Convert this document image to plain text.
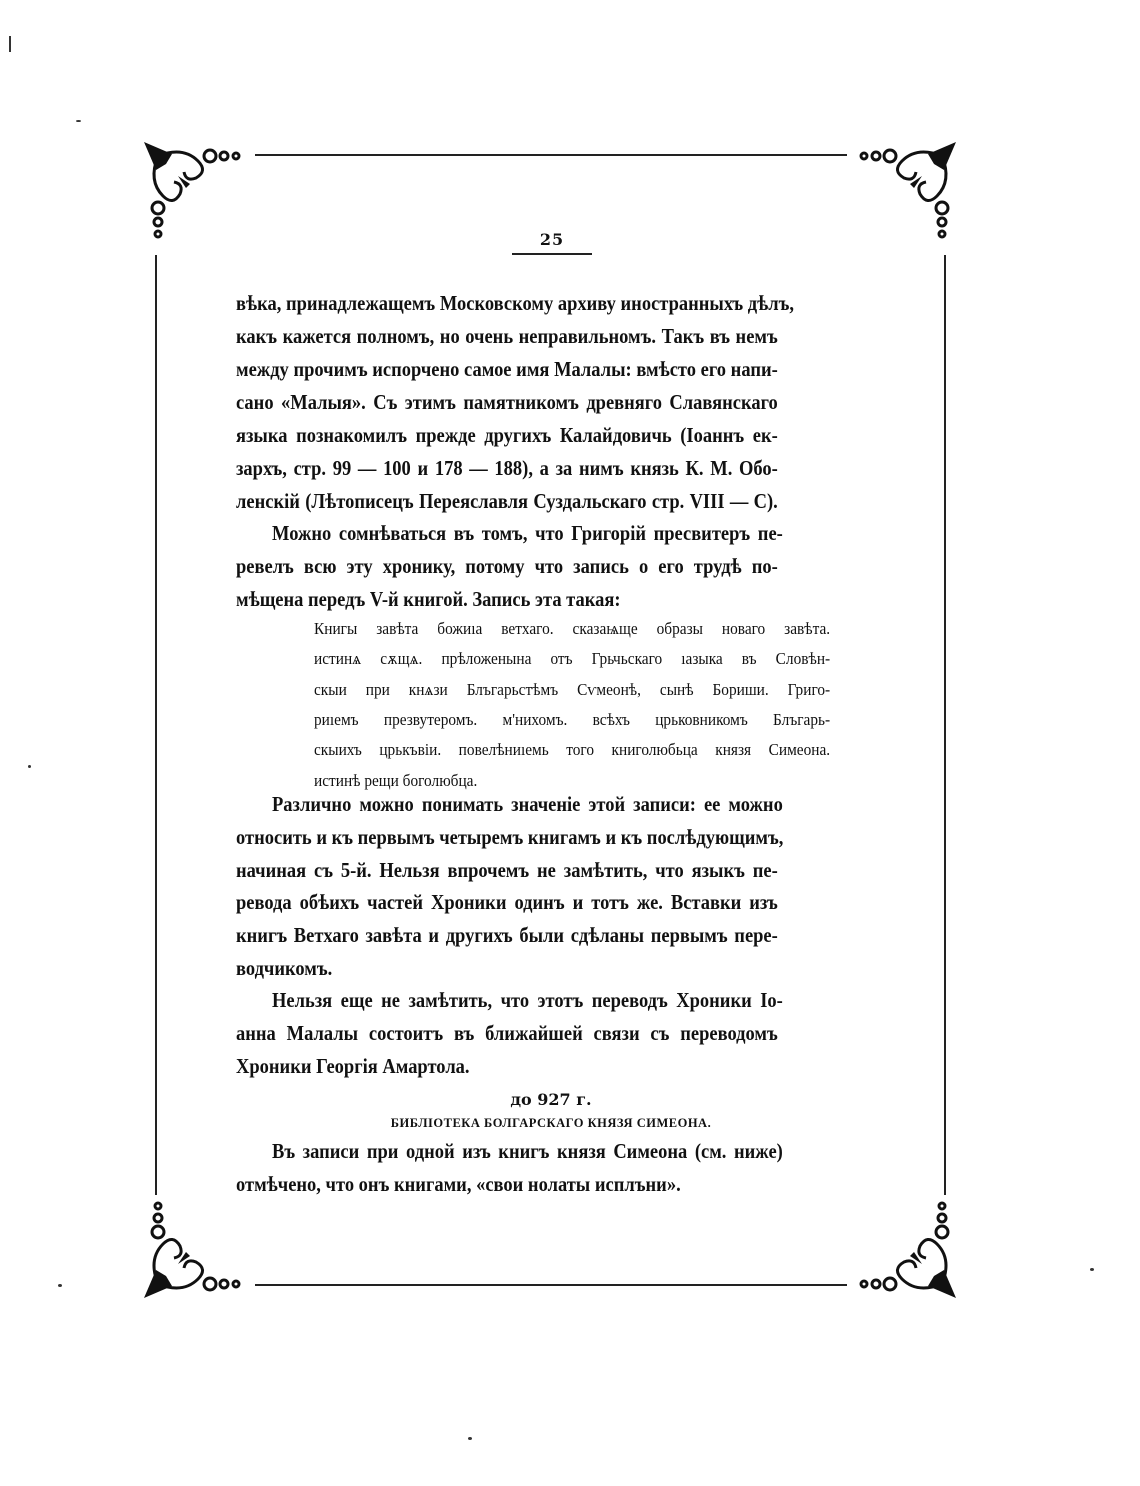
25
вѣка, принадлежащемъ Московскому архиву иностранныхъ дѣлъ,
какъ кажется полномъ, но очень неправильномъ. Такъ въ немъ
между прочимъ испорчено самое имя Малалы: вмѣсто его напи-
сано «Малыя». Съ этимъ памятникомъ древняго Славянскаго
языка познакомилъ прежде другихъ Калайдовичь (Іоаннъ ек-
зархъ, стр. 99 — 100 и 178 — 188), а за нимъ князь К. М. Обо-
ленскій (Лѣтописецъ Переяславля Суздальскаго стр. VIII — C).
Можно сомнѣваться въ томъ, что Григорій пресвитеръ пе-
ревелъ всю эту хронику, потому что запись о его трудѣ по-
мѣщена передъ V-й книгой. Запись эта такая:
Книгы завѣта божиıа ветхаго. сказаѩще образы новаго завѣта.
истинѧ сѫщѧ. прѣложенына отъ Грьчьскаго ıазыка въ Словѣн-
скыи при кнѧзи Блъгарьстѣмъ Сѵмеонѣ, сынѣ Бориши. Григо-
риıемъ презвутеромъ. м'нихомъ. всѣхъ црьковникомъ Блъгарь-
скыихъ црькъвіи. повелѣниıемь того книголюбьца князя Симеона.
истинѣ рещи боголюбца.
Различно можно понимать значеніе этой записи: ее можно
относить и къ первымъ четыремъ книгамъ и къ послѣдующимъ,
начиная съ 5-й. Нельзя впрочемъ не замѣтить, что языкъ пе-
ревода обѣихъ частей Хроники одинъ и тотъ же. Вставки изъ
книгъ Ветхаго завѣта и другихъ были сдѣланы первымъ пере-
водчикомъ.
Нельзя еще не замѣтить, что этотъ переводъ Хроники Іо-
анна Малалы состоитъ въ ближайшей связи съ переводомъ
Хроники Георгія Амартола.
до 927 г.
БИБЛІОТЕКА БОЛГАРСКАГО КНЯЗЯ СИМЕОНА.
Въ записи при одной изъ книгъ князя Симеона (см. ниже)
отмѣчено, что онъ книгами, «свои нолаты исплъни».
